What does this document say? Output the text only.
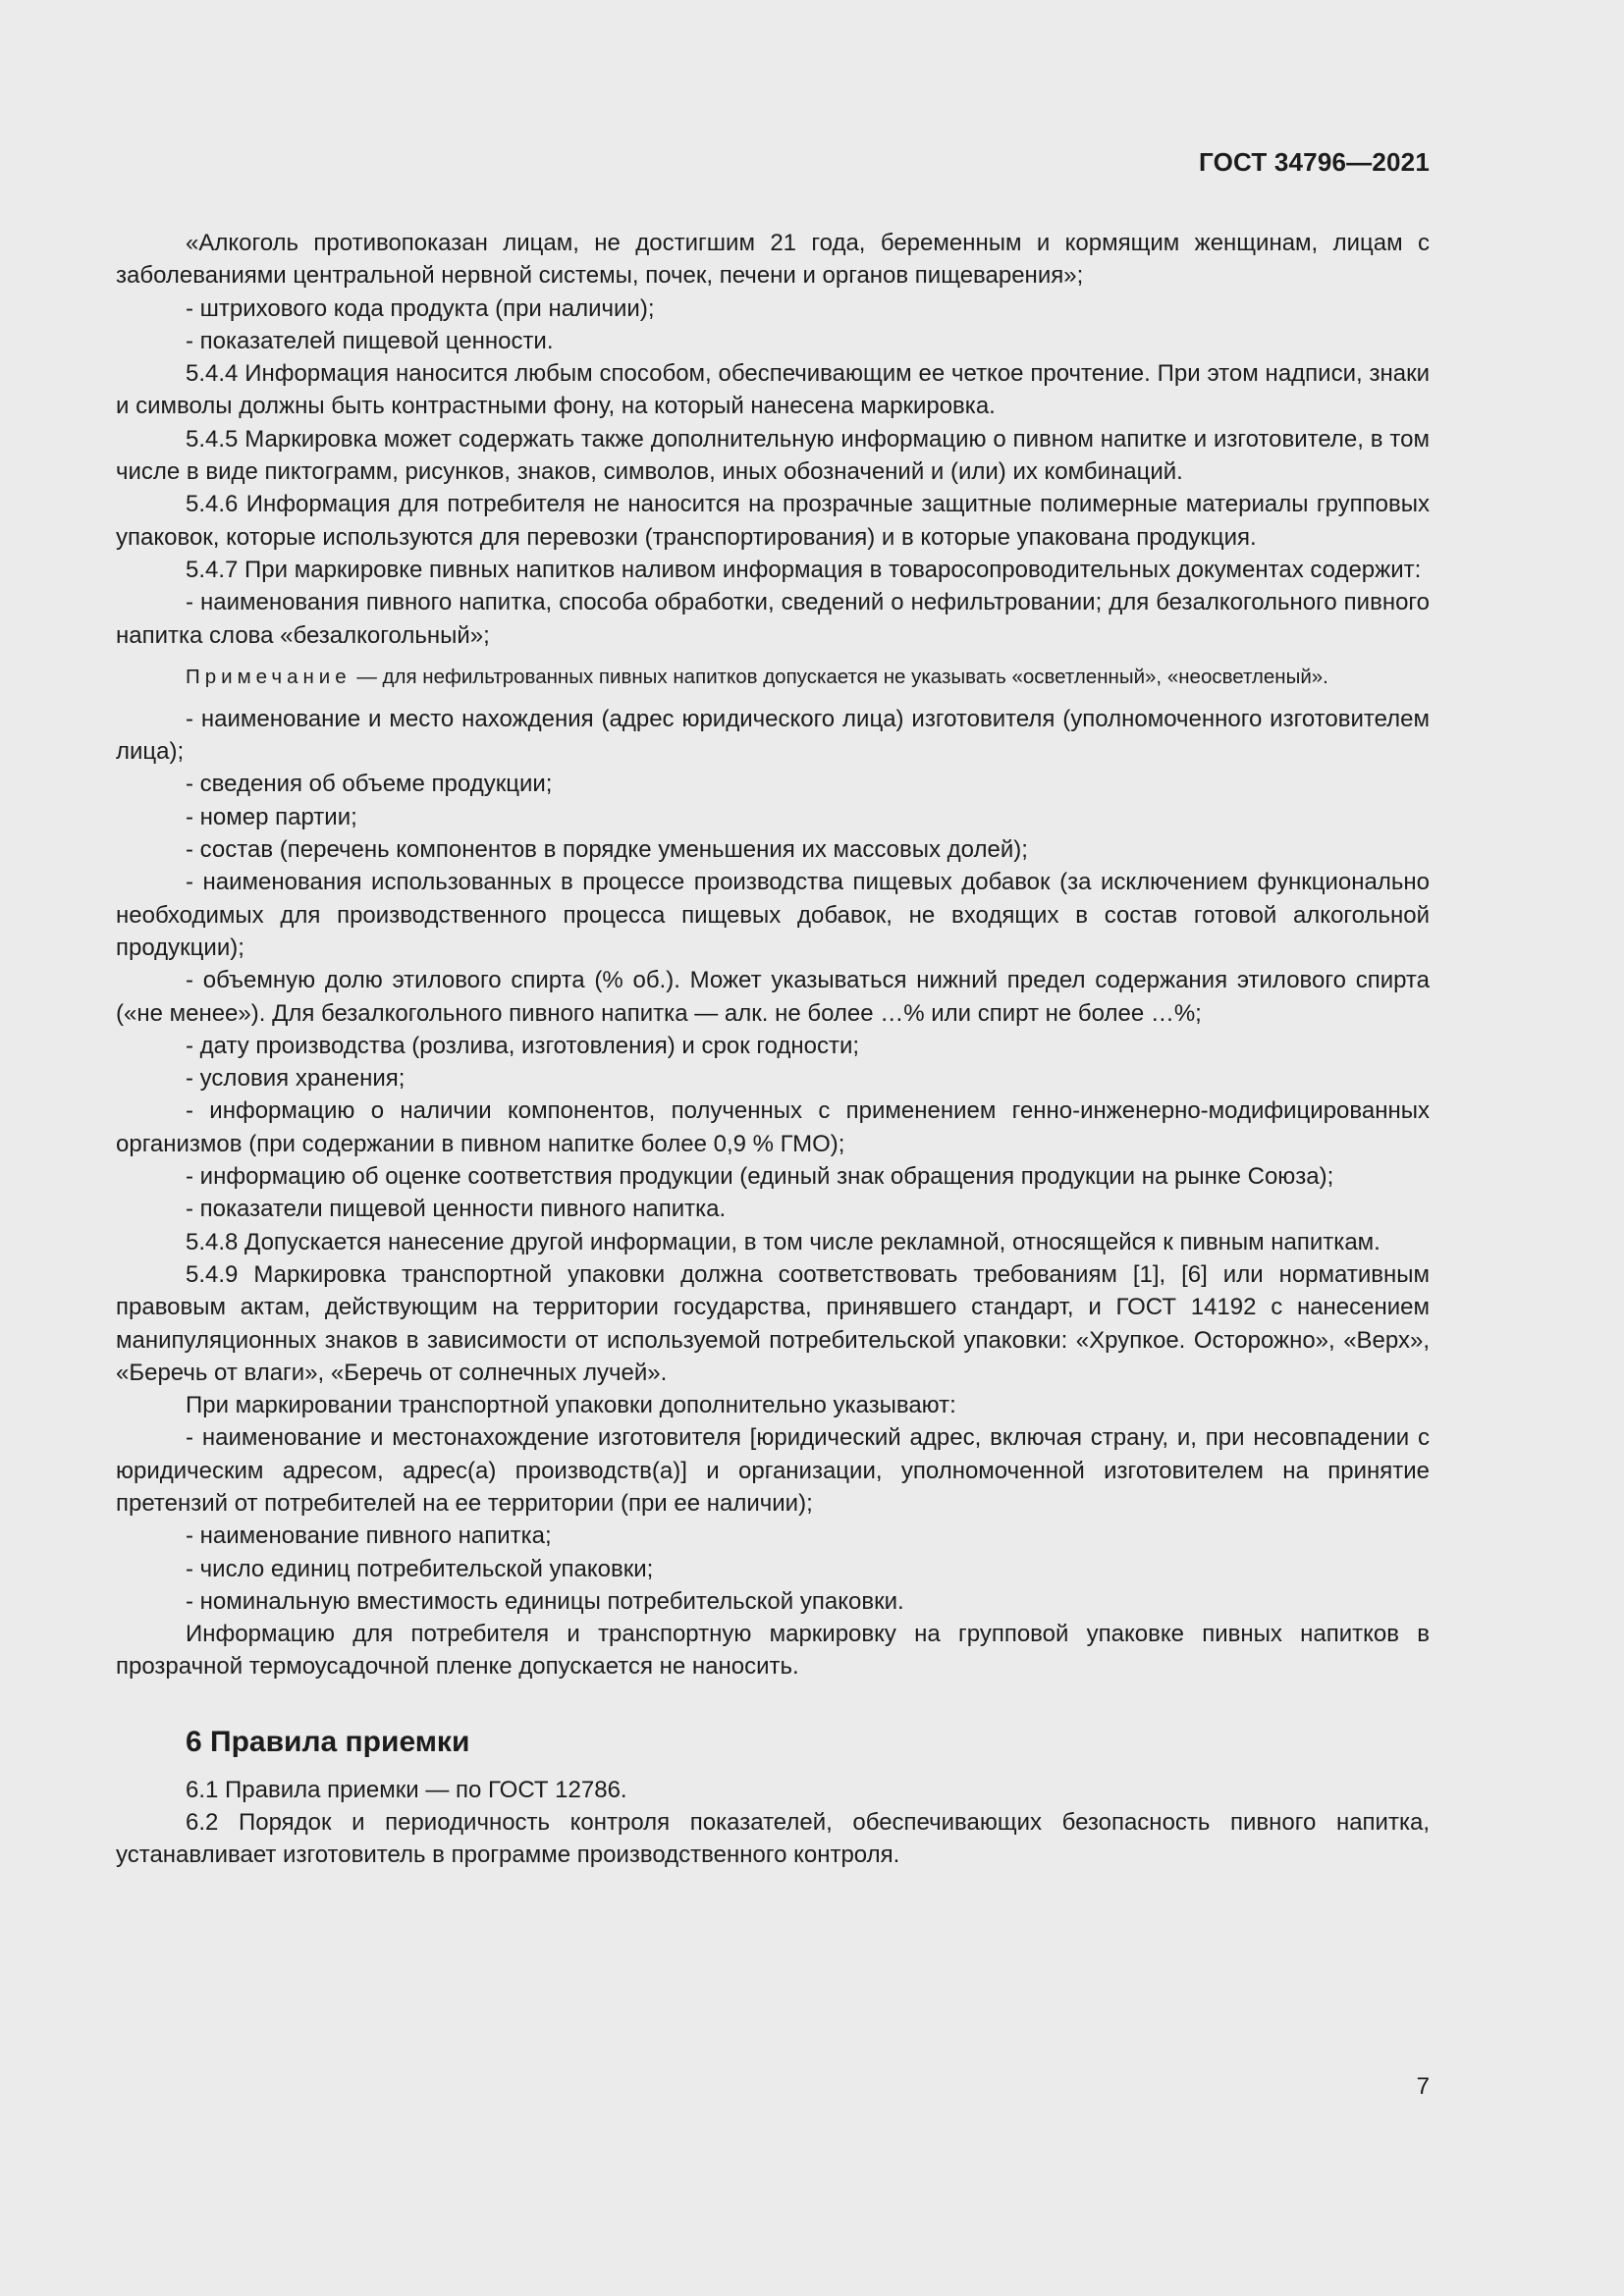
ГОСТ 34796—2021

«Алкоголь противопоказан лицам, не достигшим 21 года, беременным и кормящим женщинам, лицам с заболеваниями центральной нервной системы, почек, печени и органов пищеварения»;

- штрихового кода продукта (при наличии);

- показателей пищевой ценности.

5.4.4 Информация наносится любым способом, обеспечивающим ее четкое прочтение. При этом надписи, знаки и символы должны быть контрастными фону, на который нанесена маркировка.

5.4.5 Маркировка может содержать также дополнительную информацию о пивном напитке и изготовителе, в том числе в виде пиктограмм, рисунков, знаков, символов, иных обозначений и (или) их комбинаций.

5.4.6 Информация для потребителя не наносится на прозрачные защитные полимерные материалы групповых упаковок, которые используются для перевозки (транспортирования) и в которые упакована продукция.

5.4.7 При маркировке пивных напитков наливом информация в товаросопроводительных документах содержит:

- наименования пивного напитка, способа обработки, сведений о нефильтровании; для безалкогольного пивного напитка слова «безалкогольный»;

Примечание — для нефильтрованных пивных напитков допускается не указывать «осветленный», «неосветленый».

- наименование и место нахождения (адрес юридического лица) изготовителя (уполномоченного изготовителем лица);

- сведения об объеме продукции;

- номер партии;

- состав (перечень компонентов в порядке уменьшения их массовых долей);

- наименования использованных в процессе производства пищевых добавок (за исключением функционально необходимых для производственного процесса пищевых добавок, не входящих в состав готовой алкогольной продукции);

- объемную долю этилового спирта (% об.). Может указываться нижний предел содержания этилового спирта («не менее»). Для безалкогольного пивного напитка — алк. не более …% или спирт не более …%;

- дату производства (розлива, изготовления) и срок годности;

- условия хранения;

- информацию о наличии компонентов, полученных с применением генно-инженерно-модифицированных организмов (при содержании в пивном напитке более 0,9 % ГМО);

- информацию об оценке соответствия продукции (единый знак обращения продукции на рынке Союза);

- показатели пищевой ценности пивного напитка.

5.4.8 Допускается нанесение другой информации, в том числе рекламной, относящейся к пивным напиткам.

5.4.9 Маркировка транспортной упаковки должна соответствовать требованиям [1], [6] или нормативным правовым актам, действующим на территории государства, принявшего стандарт, и ГОСТ 14192 с нанесением манипуляционных знаков в зависимости от используемой потребительской упаковки: «Хрупкое. Осторожно», «Верх», «Беречь от влаги», «Беречь от солнечных лучей».

При маркировании транспортной упаковки дополнительно указывают:

- наименование и местонахождение изготовителя [юридический адрес, включая страну, и, при несовпадении с юридическим адресом, адрес(а) производств(а)] и организации, уполномоченной изготовителем на принятие претензий от потребителей на ее территории (при ее наличии);

- наименование пивного напитка;

- число единиц потребительской упаковки;

- номинальную вместимость единицы потребительской упаковки.

Информацию для потребителя и транспортную маркировку на групповой упаковке пивных напитков в прозрачной термоусадочной пленке допускается не наносить.

6 Правила приемки

6.1 Правила приемки — по ГОСТ 12786.

6.2 Порядок и периодичность контроля показателей, обеспечивающих безопасность пивного напитка, устанавливает изготовитель в программе производственного контроля.

7
